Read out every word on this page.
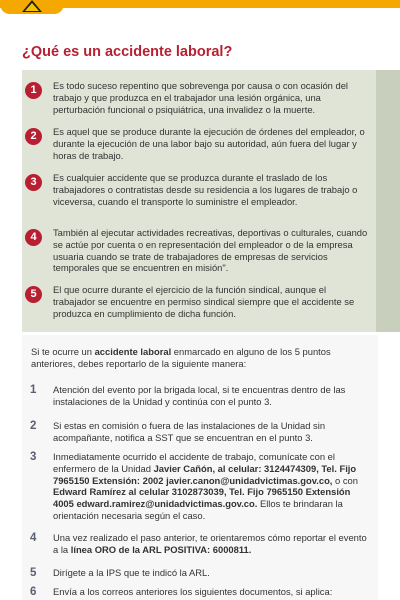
¿Qué es un accidente laboral?
1	Es todo suceso repentino que sobrevenga por causa o con ocasión del trabajo y que produzca en el trabajador una lesión orgánica, una perturbación funcional o psiquiátrica, una invalidez o la muerte.
2	Es aquel que se produce durante la ejecución de órdenes del empleador, o durante la ejecución de una labor bajo su autoridad, aún fuera del lugar y horas de trabajo.
3	Es cualquier accidente que se produzca durante el traslado de los trabajadores o contratistas desde su residencia a los lugares de trabajo o viceversa, cuando el transporte lo suministre el empleador.
4	También al ejecutar actividades recreativas, deportivas o culturales, cuando se actúe por cuenta o en representación del empleador o de la empresa usuaria cuando se trate de trabajadores de empresas de servicios temporales que se encuentren en misión".
5	El que ocurre durante el ejercicio de la función sindical, aunque el trabajador se encuentre en permiso sindical siempre que el accidente se produzca en cumplimiento de dicha función.
Si te ocurre un accidente laboral enmarcado en alguno de los 5 puntos anteriores, debes reportarlo de la siguiente manera:
1	Atención del evento por la brigada local, si te encuentras dentro de las instalaciones de la Unidad y continúa con el punto 3.
2	Si estas en comisión o fuera de las instalaciones de la Unidad sin acompañante, notifica a SST que se encuentran en el punto 3.
3	Inmediatamente ocurrido el accidente de trabajo, comunícate con el enfermero de la Unidad Javier Cañón, al celular: 3124474309, Tel. Fijo 7965150 Extensión: 2002 javier.canon@unidadvictimas.gov.co, o con Edward Ramírez al celular 3102873039, Tel. Fijo 7965150 Extensión 4005 edward.ramirez@unidadvictimas.gov.co. Ellos te brindaran la orientación necesaria según el caso.
4	Una vez realizado el paso anterior, te orientaremos cómo reportar el evento a la línea ORO de la ARL POSITIVA: 6000811.
5	Dirígete a la IPS que te indicó la ARL.
6	Envía a los correos anteriores los siguientes documentos, si aplica:
